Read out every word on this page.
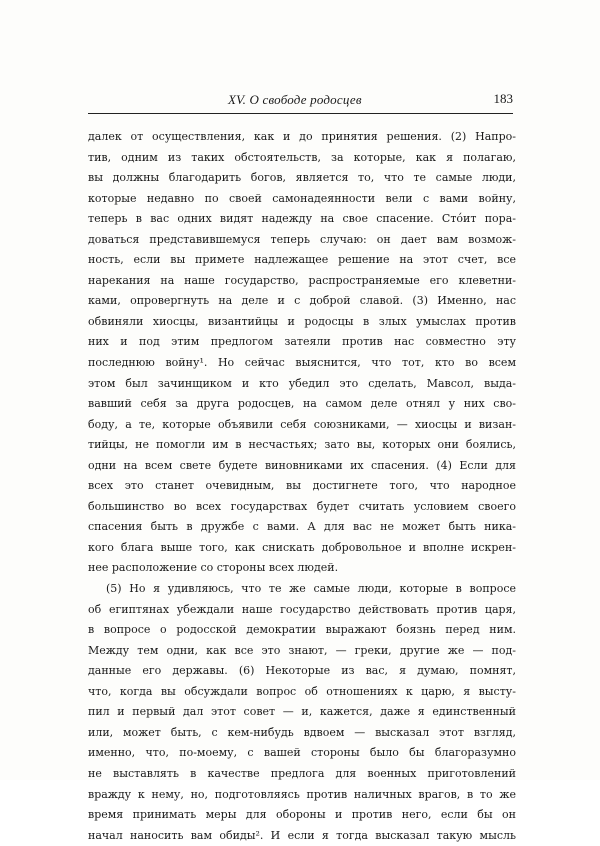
XV. О свободе родосцев	183
далек от осуществления, как и до принятия решения. (2) Напро-
тив, одним из таких обстоятельств, за которые, как я полагаю,
вы должны благодарить богов, является то, что те самые люди,
которые недавно по своей самонадеянности вели с вами войну,
теперь в вас одних видят надежду на свое спасение. Стóит пора-
доваться представившемуся теперь случаю: он дает вам возмож-
ность, если вы примете надлежащее решение на этот счет, все
нарекания на наше государство, распространяемые его клеветни-
ками, опровергнуть на деле и с доброй славой. (3) Именно, нас
обвиняли хиосцы, византийцы и родосцы в злых умыслах против
них и под этим предлогом затеяли против нас совместно эту
последнюю войну¹. Но сейчас выяснится, что тот, кто во всем
этом был зачинщиком и кто убедил это сделать, Мавсол, выда-
вавший себя за друга родосцев, на самом деле отнял у них сво-
боду, а те, которые объявили себя союзниками, — хиосцы и визан-
тийцы, не помогли им в несчастьях; зато вы, которых они боялись,
одни на всем свете будете виновниками их спасения. (4) Если для
всех это станет очевидным, вы достигнете того, что народное
большинство во всех государствах будет считать условием своего
спасения быть в дружбе с вами. А для вас не может быть никa-
кого блага выше того, как снискать добровольное и вполне искрен-
нее расположение со стороны всех людей.
(5) Но я удивляюсь, что те же самые люди, которые в вопросе
об египтянах убеждали наше государство действовать против царя,
в вопросе о родосской демократии выражают боязнь перед ним.
Между тем одни, как все это знают, — греки, другие же — под-
данные его державы. (6) Некоторые из вас, я думаю, помнят,
что, когда вы обсуждали вопрос об отношениях к царю, я высту-
пил и первый дал этот совет — и, кажется, даже я единственный
или, может быть, с кем-нибудь вдвоем — высказал этот взгляд,
именно, что, по-моему, с вашей стороны было бы благоразумно
не выставлять в качестве предлога для военных приготовлений
вражду к нему, но, подготовляясь против наличных врагов, в то же
время принимать меры для обороны и против него, если бы он
начал наносить вам обиды². И если я тогда высказал такую мысль
